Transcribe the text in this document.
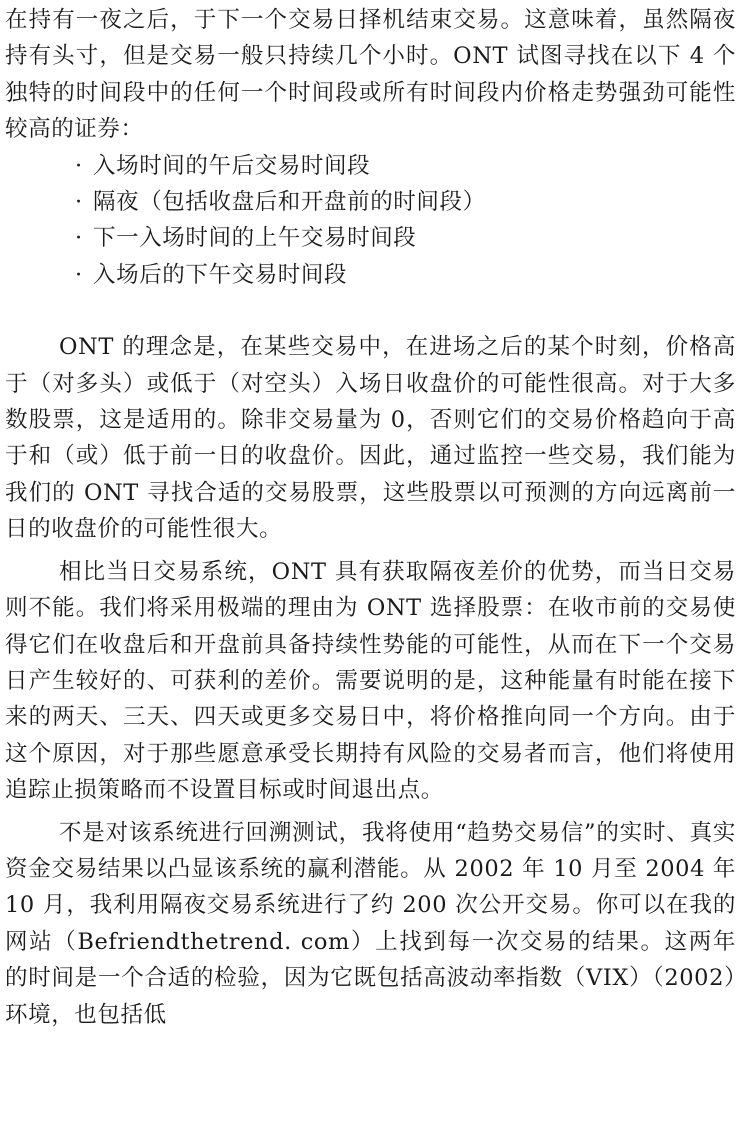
在持有一夜之后，于下一个交易日择机结束交易。这意味着，虽然隔夜持有头寸，但是交易一般只持续几个小时。ONT 试图寻找在以下 4 个独特的时间段中的任何一个时间段或所有时间段内价格走势强劲可能性较高的证券：

· 入场时间的午后交易时间段
· 隔夜（包括收盘后和开盘前的时间段）
· 下一入场时间的上午交易时间段
· 入场后的下午交易时间段

ONT 的理念是，在某些交易中，在进场之后的某个时刻，价格高于（对多头）或低于（对空头）入场日收盘价的可能性很高。对于大多数股票，这是适用的。除非交易量为 0，否则它们的交易价格趋向于高于和（或）低于前一日的收盘价。因此，通过监控一些交易，我们能为我们的 ONT 寻找合适的交易股票，这些股票以可预测的方向远离前一日的收盘价的可能性很大。

相比当日交易系统，ONT 具有获取隔夜差价的优势，而当日交易则不能。我们将采用极端的理由为 ONT 选择股票：在收市前的交易使得它们在收盘后和开盘前具备持续性势能的可能性，从而在下一个交易日产生较好的、可获利的差价。需要说明的是，这种能量有时能在接下来的两天、三天、四天或更多交易日中，将价格推向同一个方向。由于这个原因，对于那些愿意承受长期持有风险的交易者而言，他们将使用追踪止损策略而不设置目标或时间退出点。

不是对该系统进行回溯测试，我将使用“趋势交易信”的实时、真实资金交易结果以凸显该系统的赢利潜能。从 2002 年 10 月至 2004 年 10 月，我利用隔夜交易系统进行了约 200 次公开交易。你可以在我的网站（Befriendthetrend. com）上找到每一次交易的结果。这两年的时间是一个合适的检验，因为它既包括高波动率指数（VIX）（2002）环境，也包括低
